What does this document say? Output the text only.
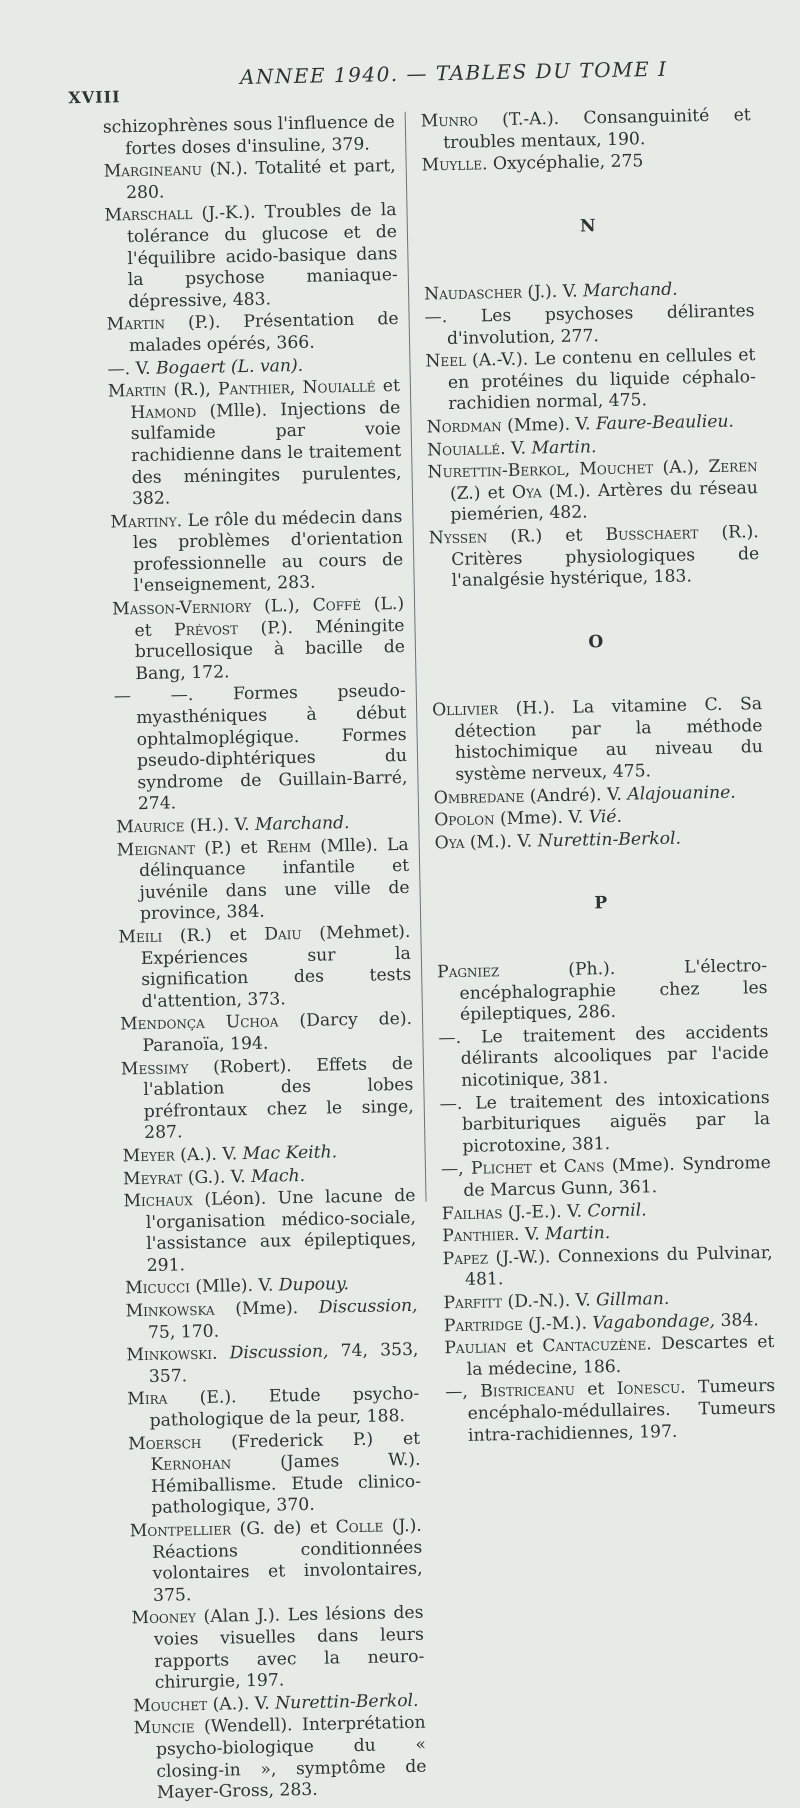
XVIII
ANNEE 1940. — TABLES DU TOME I
schizophrènes sous l'influence de fortes doses d'insuline, 379.
Margineanu (N.). Totalité et part, 280.
Marschall (J.-K.). Troubles de la tolérance du glucose et de l'équilibre acido-basique dans la psychose maniaque-dépressive, 483.
Martin (P.). Présentation de malades opérés, 366.
—. V. Bogaert (L. van).
Martin (R.), Panthier, Nouiallé et Hamond (Mlle). Injections de sulfamide par voie rachidienne dans le traitement des méningites purulentes, 382.
Martiny. Le rôle du médecin dans les problèmes d'orientation professionnelle au cours de l'enseignement, 283.
Masson-Verniory (L.), Coffé (L.) et Prévost (P.). Méningite brucellosique à bacille de Bang, 172.
— —. Formes pseudo-myasthéniques à début ophtalmoplégique. Formes pseudo-diphtériques du syndrome de Guillain-Barré, 274.
Maurice (H.). V. Marchand.
Meignant (P.) et Rehm (Mlle). La délinquance infantile et juvénile dans une ville de province, 384.
Meili (R.) et Daiu (Mehmet). Expériences sur la signification des tests d'attention, 373.
Mendonça Uchoa (Darcy de). Paranoïa, 194.
Messimy (Robert). Effets de l'ablation des lobes préfrontaux chez le singe, 287.
Meyer (A.). V. Mac Keith.
Meyrat (G.). V. Mach.
Michaux (Léon). Une lacune de l'organisation médico-sociale, l'assistance aux épileptiques, 291.
Micucci (Mlle). V. Dupouy.
Minkowska (Mme). Discussion, 75, 170.
Minkowski. Discussion, 74, 353, 357.
Mira (E.). Etude psycho-pathologique de la peur, 188.
Moersch (Frederick P.) et Kernohan (James W.). Hémiballisme. Etude clinico-pathologique, 370.
Montpellier (G. de) et Colle (J.). Réactions conditionnées volontaires et involontaires, 375.
Mooney (Alan J.). Les lésions des voies visuelles dans leurs rapports avec la neuro-chirurgie, 197.
Mouchet (A.). V. Nurettin-Berkol.
Muncie (Wendell). Interprétation psycho-biologique du « closing-in », symptôme de Mayer-Gross, 283.
Munro (T.-A.). Consanguinité et troubles mentaux, 190.
Muylle. Oxycéphalie, 275
N
Naudascher (J.). V. Marchand.
—. Les psychoses délirantes d'involution, 277.
Neel (A.-V.). Le contenu en cellules et en protéines du liquide céphalo-rachidien normal, 475.
Nordman (Mme). V. Faure-Beaulieu.
Nouiallé. V. Martin.
Nurettin-Berkol, Mouchet (A.), Zeren (Z.) et Oya (M.). Artères du réseau piemérien, 482.
Nyssen (R.) et Busschaert (R.). Critères physiologiques de l'analgésie hystérique, 183.
O
Ollivier (H.). La vitamine C. Sa détection par la méthode histochimique au niveau du système nerveux, 475.
Ombredane (André). V. Alajouanine.
Opolon (Mme). V. Vié.
Oya (M.). V. Nurettin-Berkol.
P
Pagniez (Ph.). L'électro-encéphalographie chez les épileptiques, 286.
—. Le traitement des accidents délirants alcooliques par l'acide nicotinique, 381.
—. Le traitement des intoxications barbituriques aiguës par la picrotoxine, 381.
—, Plichet et Cans (Mme). Syndrome de Marcus Gunn, 361.
Failhas (J.-E.). V. Cornil.
Panthier. V. Martin.
Papez (J.-W.). Connexions du Pulvinar, 481.
Parfitt (D.-N.). V. Gillman.
Partridge (J.-M.). Vagabondage, 384.
Paulian et Cantacuzène. Descartes et la médecine, 186.
—, Bistriceanu et Ionescu. Tumeurs encéphalo-médullaires. Tumeurs intra-rachidiennes, 197.
